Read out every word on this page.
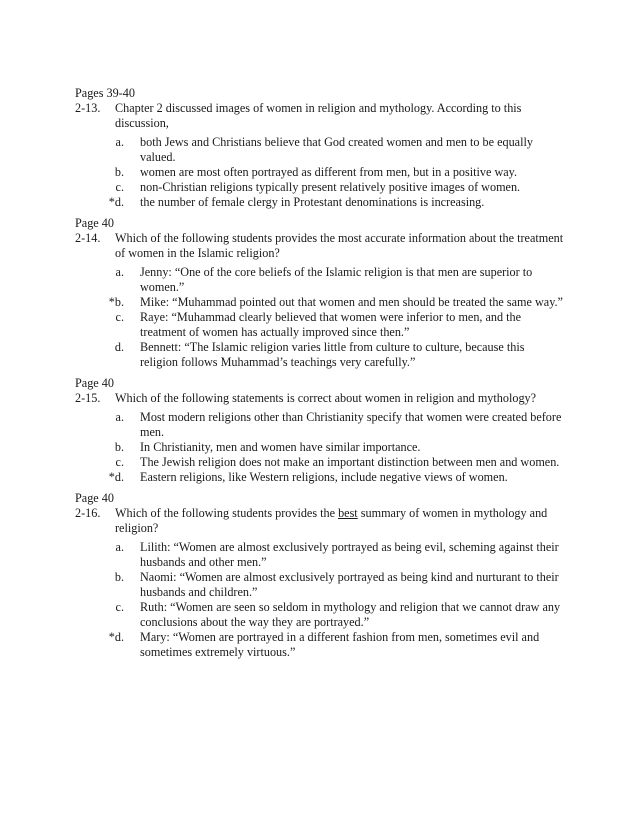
Pages 39-40
2-13.	Chapter 2 discussed images of women in religion and mythology. According to this discussion,
a.	both Jews and Christians believe that God created women and men to be equally valued.
b.	women are most often portrayed as different from men, but in a positive way.
c.	non-Christian religions typically present relatively positive images of women.
*d.	the number of female clergy in Protestant denominations is increasing.
Page 40
2-14.	Which of the following students provides the most accurate information about the treatment of women in the Islamic religion?
a.	Jenny: “One of the core beliefs of the Islamic religion is that men are superior to women.”
*b.	Mike: “Muhammad pointed out that women and men should be treated the same way.”
c.	Raye: “Muhammad clearly believed that women were inferior to men, and the treatment of women has actually improved since then.”
d.	Bennett: “The Islamic religion varies little from culture to culture, because this religion follows Muhammad’s teachings very carefully.”
Page 40
2-15.	Which of the following statements is correct about women in religion and mythology?
a.	Most modern religions other than Christianity specify that women were created before men.
b.	In Christianity, men and women have similar importance.
c.	The Jewish religion does not make an important distinction between men and women.
*d.	Eastern religions, like Western religions, include negative views of women.
Page 40
2-16.	Which of the following students provides the best summary of women in mythology and religion?
a.	Lilith: “Women are almost exclusively portrayed as being evil, scheming against their husbands and other men.”
b.	Naomi: “Women are almost exclusively portrayed as being kind and nurturant to their husbands and children.”
c.	Ruth: “Women are seen so seldom in mythology and religion that we cannot draw any conclusions about the way they are portrayed.”
*d.	Mary: “Women are portrayed in a different fashion from men, sometimes evil and sometimes extremely virtuous.”
